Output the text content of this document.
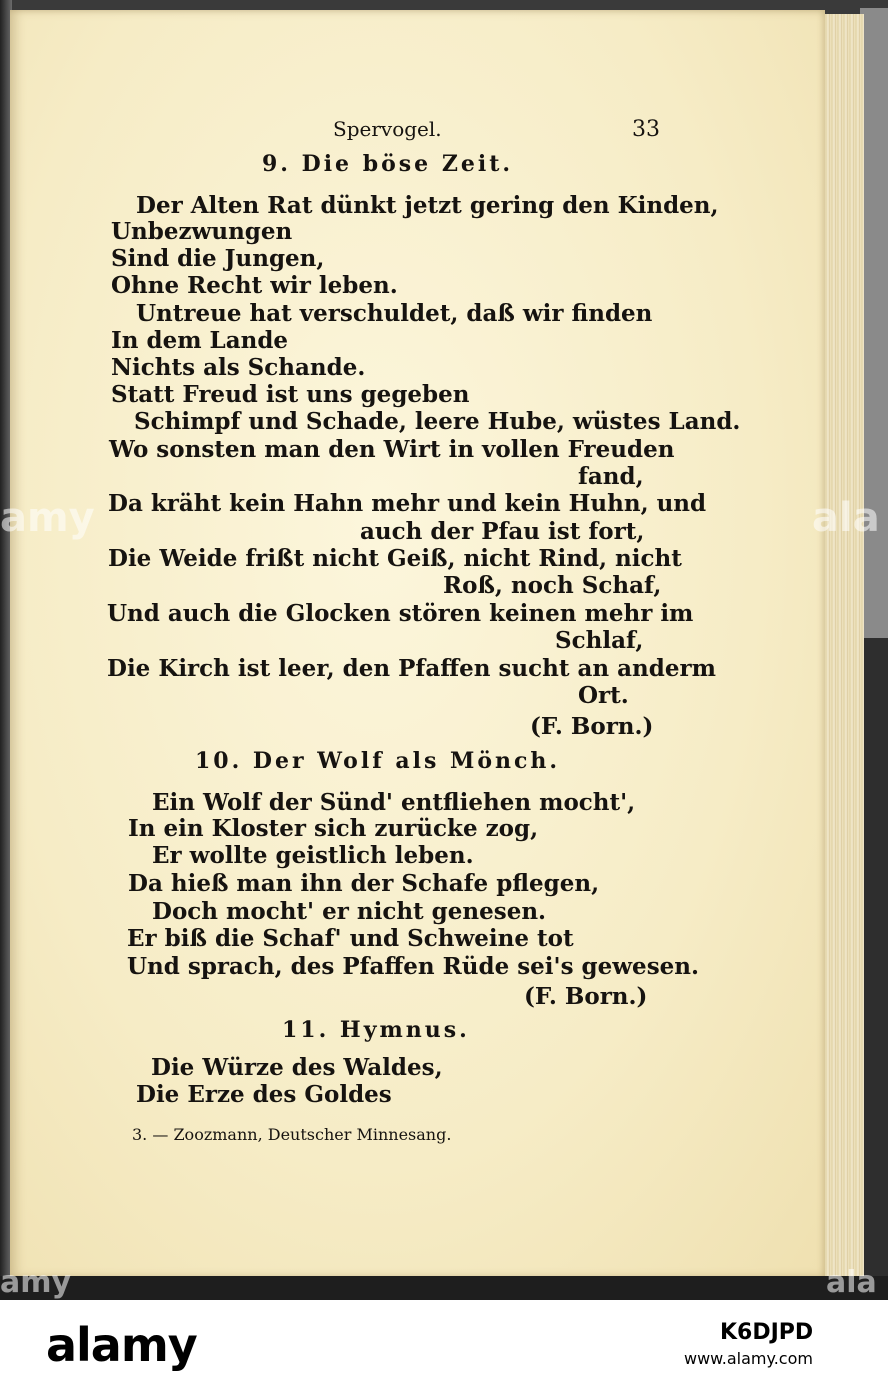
Spervogel.	33
9. Die böse Zeit.
Der Alten Rat dünkt jetzt gering den Kinden,
Unbezwungen
Sind die Jungen,
Ohne Recht wir leben.
Untreue hat verschuldet, daß wir finden
In dem Lande
Nichts als Schande.
Statt Freud ist uns gegeben
Schimpf und Schade, leere Hube, wüstes Land.
Wo sonsten man den Wirt in vollen Freuden
fand,
Da kräht kein Hahn mehr und kein Huhn, und
auch der Pfau ist fort,
Die Weide frißt nicht Geiß, nicht Rind, nicht
Roß, noch Schaf,
Und auch die Glocken stören keinen mehr im
Schlaf,
Die Kirch ist leer, den Pfaffen sucht an anderm
Ort.
(F. Born.)
10. Der Wolf als Mönch.
Ein Wolf der Sünd' entfliehen mocht',
In ein Kloster sich zurücke zog,
Er wollte geistlich leben.
Da hieß man ihn der Schafe pflegen,
Doch mocht' er nicht genesen.
Er biß die Schaf' und Schweine tot
Und sprach, des Pfaffen Rüde sei's gewesen.
(F. Born.)
11. Hymnus.
Die Würze des Waldes,
Die Erze des Goldes
3. — Zoozmann, Deutscher Minnesang.
amy	ala
amy	ala
alamy	K6DJPD
www.alamy.com
